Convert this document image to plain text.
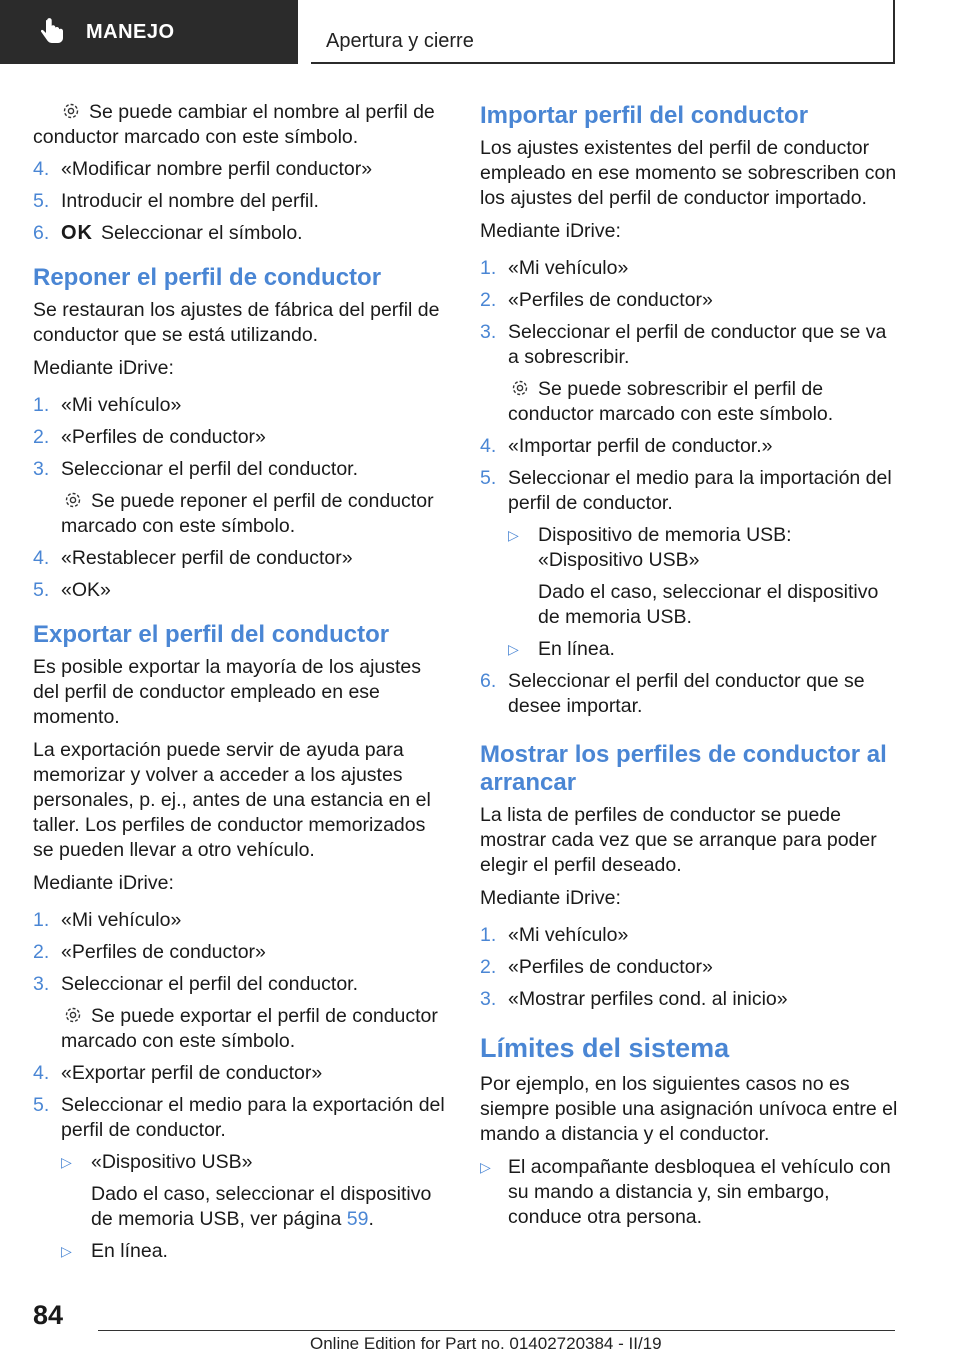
MANEJO	Apertura y cierre

Se puede cambiar el nombre al perfil de conductor marcado con este símbolo.

4. «Modificar nombre perfil conductor»

5. Introducir el nombre del perfil.

6. OK Seleccionar el símbolo.

Reponer el perfil de conductor

Se restauran los ajustes de fábrica del perfil de conductor que se está utilizando.

Mediante iDrive:

1. «Mi vehículo»

2. «Perfiles de conductor»

3. Seleccionar el perfil del conductor.

Se puede reponer el perfil de conductor marcado con este símbolo.

4. «Restablecer perfil de conductor»

5. «OK»

Exportar el perfil del conductor

Es posible exportar la mayoría de los ajustes del perfil de conductor empleado en ese momento.

La exportación puede servir de ayuda para memorizar y volver a acceder a los ajustes personales, p. ej., antes de una estancia en el taller. Los perfiles de conductor memorizados se pueden llevar a otro vehículo.

Mediante iDrive:

1. «Mi vehículo»

2. «Perfiles de conductor»

3. Seleccionar el perfil del conductor.

Se puede exportar el perfil de conductor marcado con este símbolo.

4. «Exportar perfil de conductor»

5. Seleccionar el medio para la exportación del perfil de conductor.

▷ «Dispositivo USB»

Dado el caso, seleccionar el dispositivo de memoria USB, ver página 59.

▷ En línea.

Importar perfil del conductor

Los ajustes existentes del perfil de conductor empleado en ese momento se sobrescriben con los ajustes del perfil de conductor importado.

Mediante iDrive:

1. «Mi vehículo»

2. «Perfiles de conductor»

3. Seleccionar el perfil de conductor que se va a sobrescribir.

Se puede sobrescribir el perfil de conductor marcado con este símbolo.

4. «Importar perfil de conductor.»

5. Seleccionar el medio para la importación del perfil de conductor.

▷ Dispositivo de memoria USB: «Dispositivo USB»

Dado el caso, seleccionar el dispositivo de memoria USB.

▷ En línea.

6. Seleccionar el perfil del conductor que se desee importar.

Mostrar los perfiles de conductor al arrancar

La lista de perfiles de conductor se puede mostrar cada vez que se arranque para poder elegir el perfil deseado.

Mediante iDrive:

1. «Mi vehículo»

2. «Perfiles de conductor»

3. «Mostrar perfiles cond. al inicio»

Límites del sistema

Por ejemplo, en los siguientes casos no es siempre posible una asignación unívoca entre el mando a distancia y el conductor.

▷ El acompañante desbloquea el vehículo con su mando a distancia y, sin embargo, conduce otra persona.

84
Online Edition for Part no. 01402720384 - II/19
